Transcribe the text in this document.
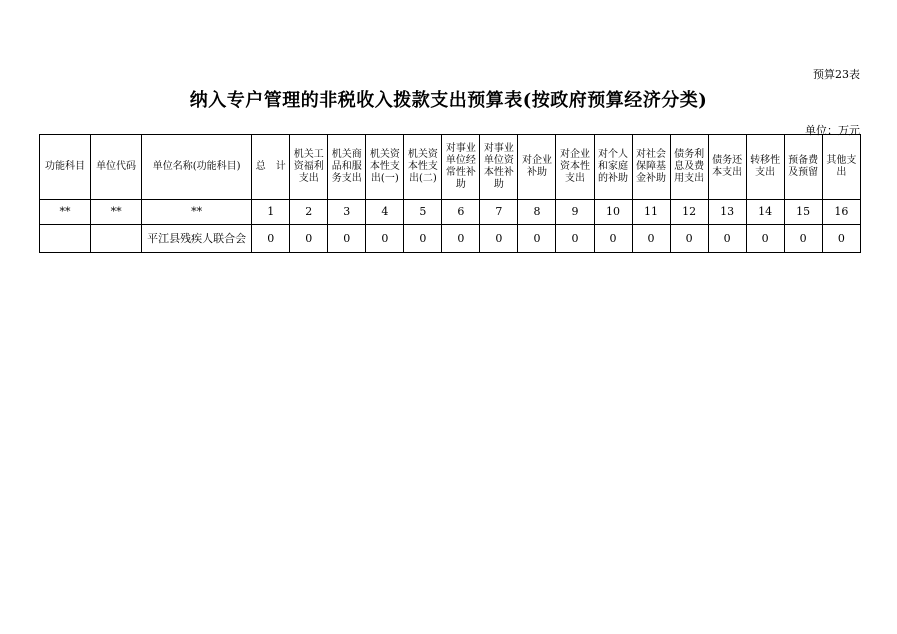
预算23表
纳入专户管理的非税收入拨款支出预算表(按政府预算经济分类)
单位：万元
功能科目	单位代码	单位名称(功能科目)	总　计	机关工资福利支出	机关商品和服务支出	机关资本性支出(一)	机关资本性支出(二)	对事业单位经常性补助	对事业单位资本性补助	对企业补助	对企业资本性支出	对个人和家庭的补助	对社会保障基金补助	债务利息及费用支出	债务还本支出	转移性支出	预备费及预留	其他支出
**	**	**	1	2	3	4	5	6	7	8	9	10	11	12	13	14	15	16
		平江县残疾人联合会	0	0	0	0	0	0	0	0	0	0	0	0	0	0	0	0
